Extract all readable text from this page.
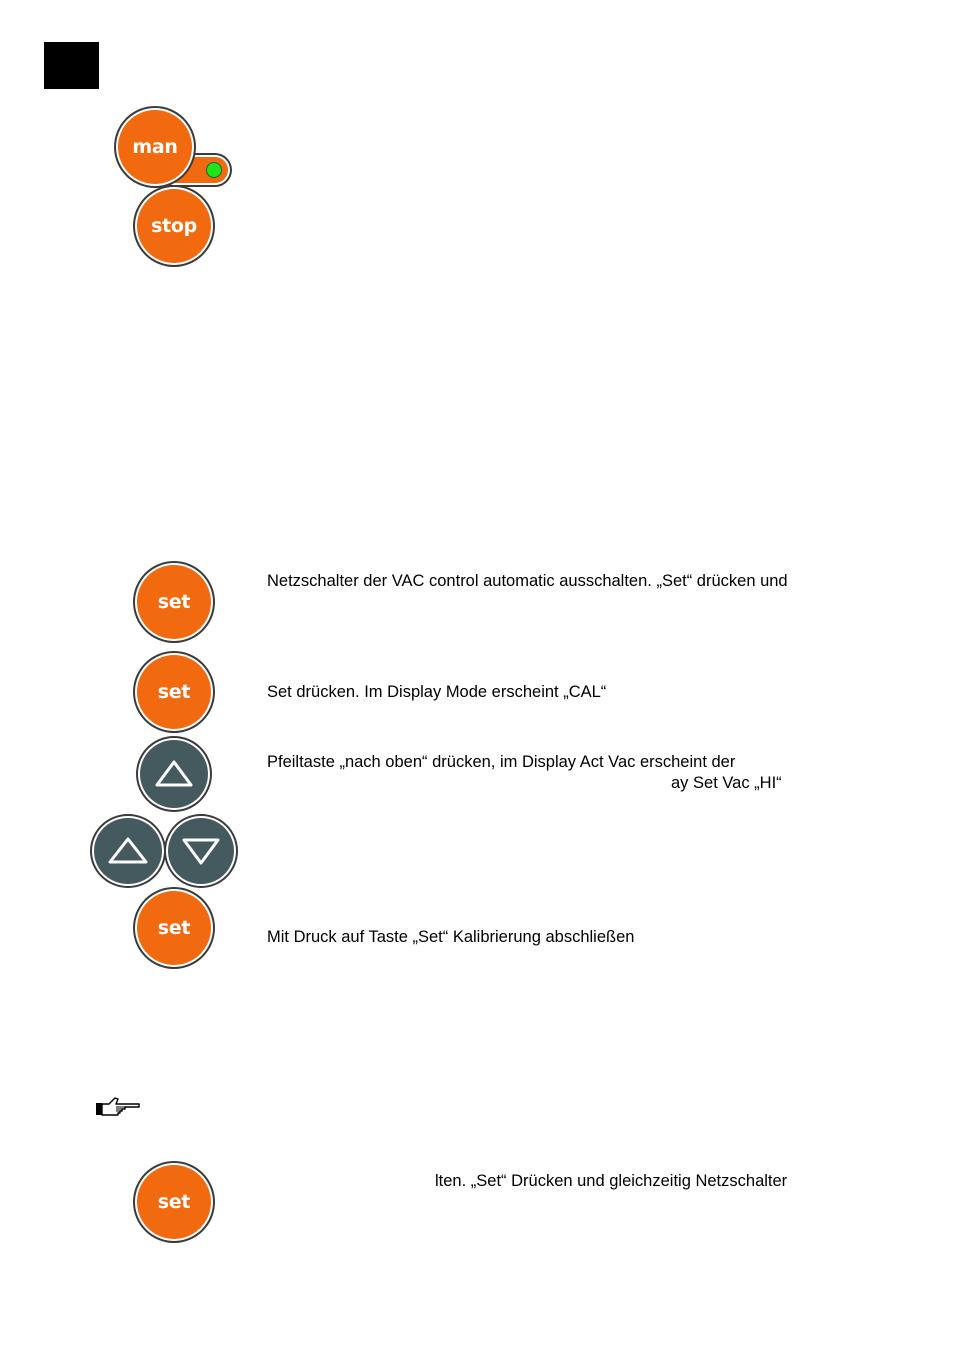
man
stop
set
Netzschalter der VAC control automatic ausschalten. „Set“ drücken und
set	Set drücken. Im Display Mode erscheint „CAL“
Pfeiltaste „nach oben“ drücken, im Display Act Vac erscheint der
ay Set Vac „HI“
set	Mit Druck auf Taste „Set“ Kalibrierung abschließen
set
lten. „Set“ Drücken und gleichzeitig Netzschalter
